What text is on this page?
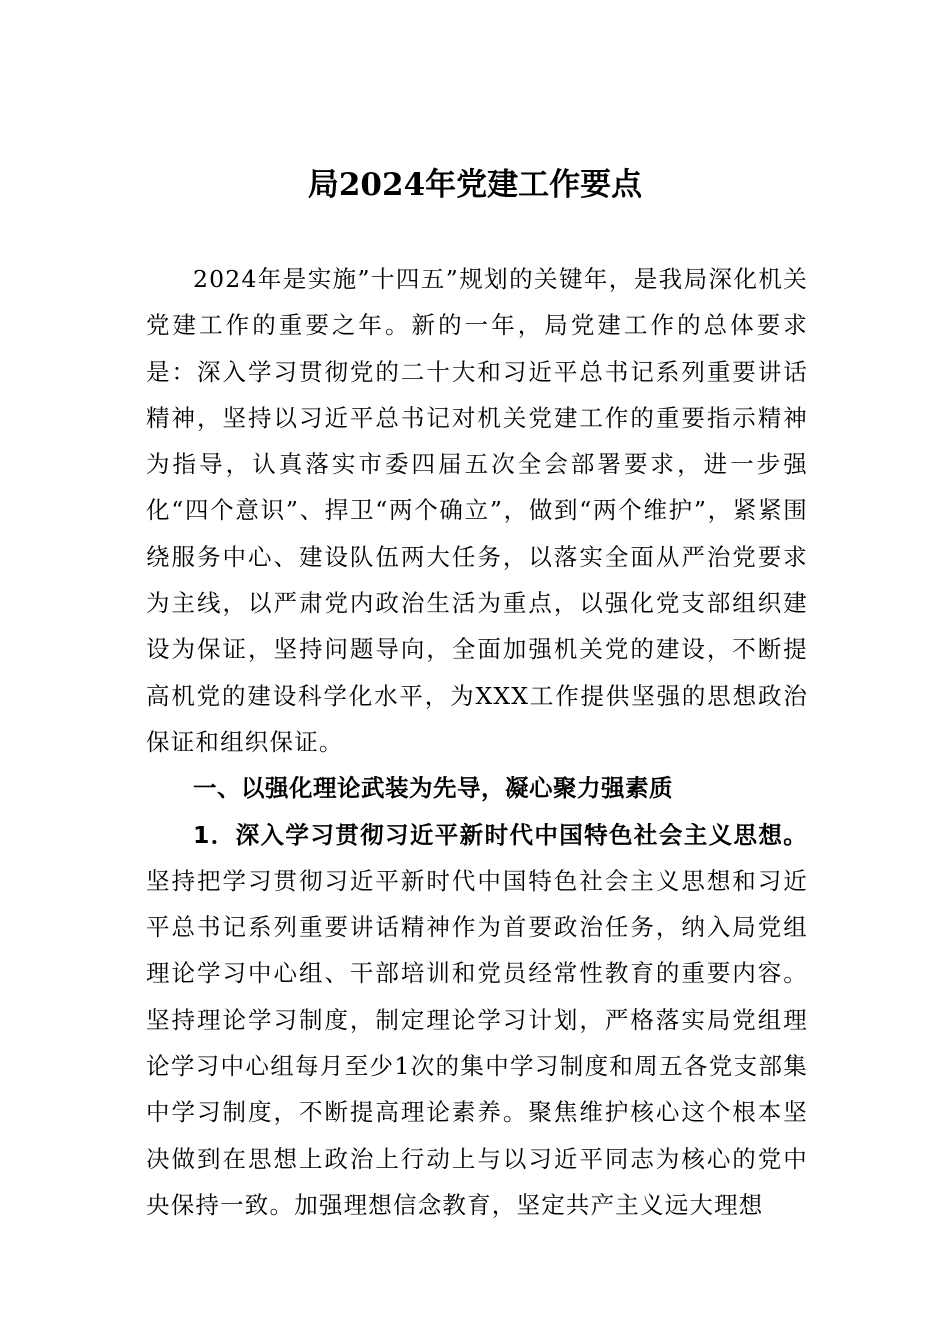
局2024年党建工作要点

2024年是实施”十四五”规划的关键年，是我局深化机关党建工作的重要之年。新的一年，局党建工作的总体要求是：深入学习贯彻党的二十大和习近平总书记系列重要讲话精神，坚持以习近平总书记对机关党建工作的重要指示精神为指导，认真落实市委四届五次全会部署要求，进一步强化“四个意识”、捍卫“两个确立”，做到“两个维护”，紧紧围绕服务中心、建设队伍两大任务，以落实全面从严治党要求为主线，以严肃党内政治生活为重点，以强化党支部组织建设为保证，坚持问题导向，全面加强机关党的建设，不断提高机党的建设科学化水平，为XXX工作提供坚强的思想政治保证和组织保证。

一、以强化理论武装为先导，凝心聚力强素质

1．深入学习贯彻习近平新时代中国特色社会主义思想。坚持把学习贯彻习近平新时代中国特色社会主义思想和习近平总书记系列重要讲话精神作为首要政治任务，纳入局党组理论学习中心组、干部培训和党员经常性教育的重要内容。坚持理论学习制度，制定理论学习计划，严格落实局党组理论学习中心组每月至少1次的集中学习制度和周五各党支部集中学习制度，不断提高理论素养。聚焦维护核心这个根本坚决做到在思想上政治上行动上与以习近平同志为核心的党中央保持一致。加强理想信念教育，坚定共产主义远大理想
